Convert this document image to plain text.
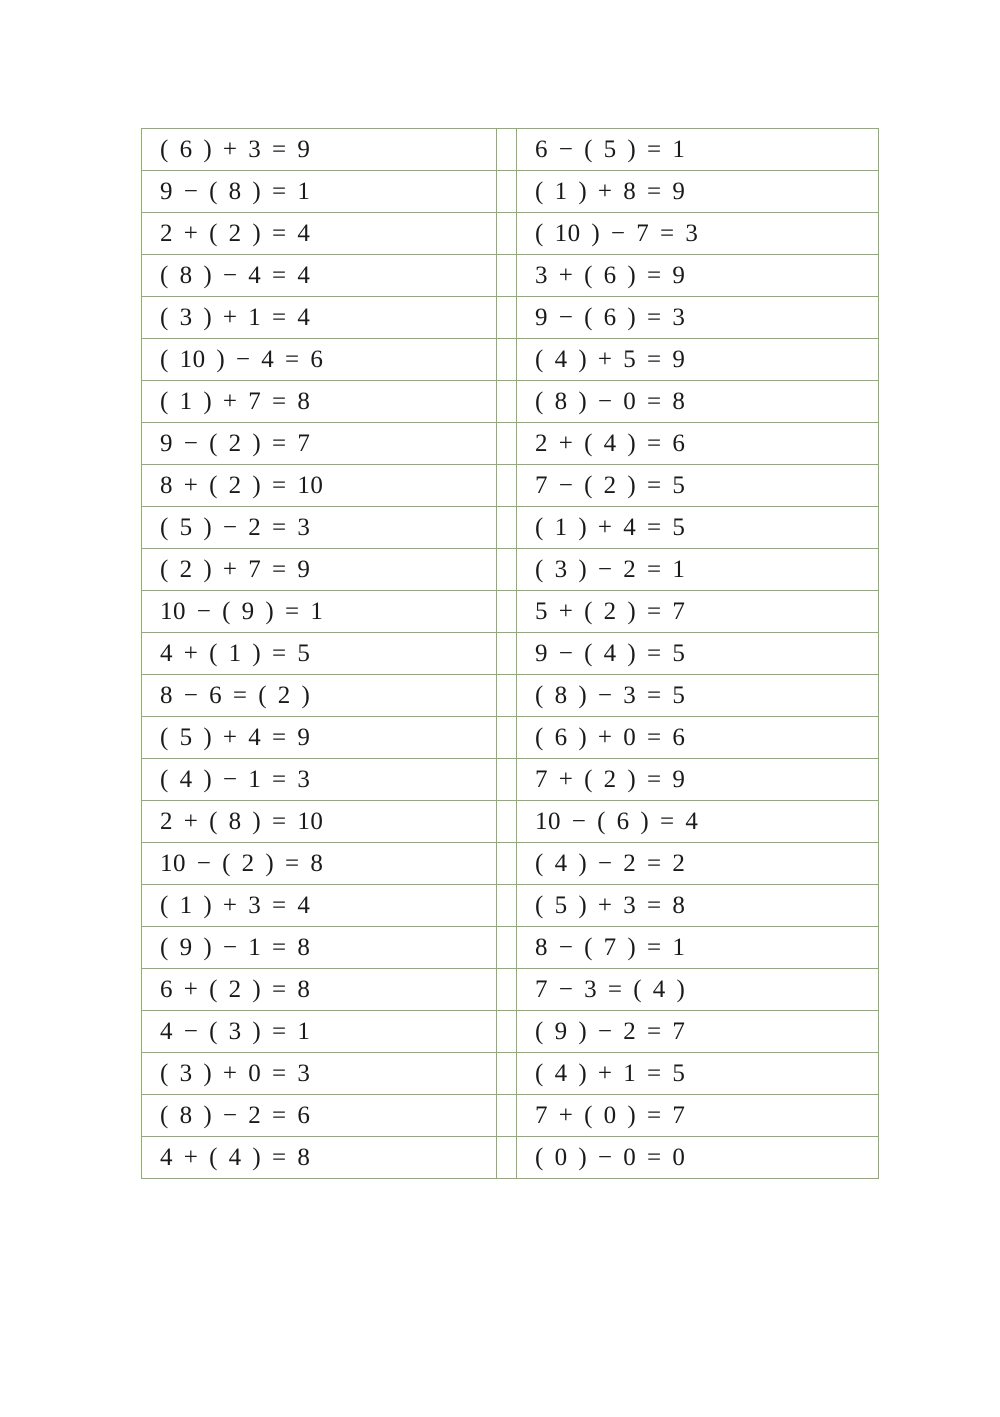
( 6 ) + 3 = 9		6 − ( 5 ) = 1

9 − ( 8 ) = 1		( 1 ) + 8 = 9

2 + ( 2 ) = 4		( 10 ) − 7 = 3

( 8 ) − 4 = 4		3 + ( 6 ) = 9

( 3 ) + 1 = 4		9 − ( 6 ) = 3

( 10 ) − 4 = 6		( 4 ) + 5 = 9

( 1 ) + 7 = 8		( 8 ) − 0 = 8

9 − ( 2 ) = 7		2 + ( 4 ) = 6

8 + ( 2 ) = 10		7 − ( 2 ) = 5

( 5 ) − 2 = 3		( 1 ) + 4 = 5

( 2 ) + 7 = 9		( 3 ) − 2 = 1

10 − ( 9 ) = 1		5 + ( 2 ) = 7

4 + ( 1 ) = 5		9 − ( 4 ) = 5

8 − 6 = ( 2 )		( 8 ) − 3 = 5

( 5 ) + 4 = 9		( 6 ) + 0 = 6

( 4 ) − 1 = 3		7 + ( 2 ) = 9

2 + ( 8 ) = 10		10 − ( 6 ) = 4

10 − ( 2 ) = 8		( 4 ) − 2 = 2

( 1 ) + 3 = 4		( 5 ) + 3 = 8

( 9 ) − 1 = 8		8 − ( 7 ) = 1

6 + ( 2 ) = 8		7 − 3 = ( 4 )

4 − ( 3 ) = 1		( 9 ) − 2 = 7

( 3 ) + 0 = 3		( 4 ) + 1 = 5

( 8 ) − 2 = 6		7 + ( 0 ) = 7

4 + ( 4 ) = 8		( 0 ) − 0 = 0
